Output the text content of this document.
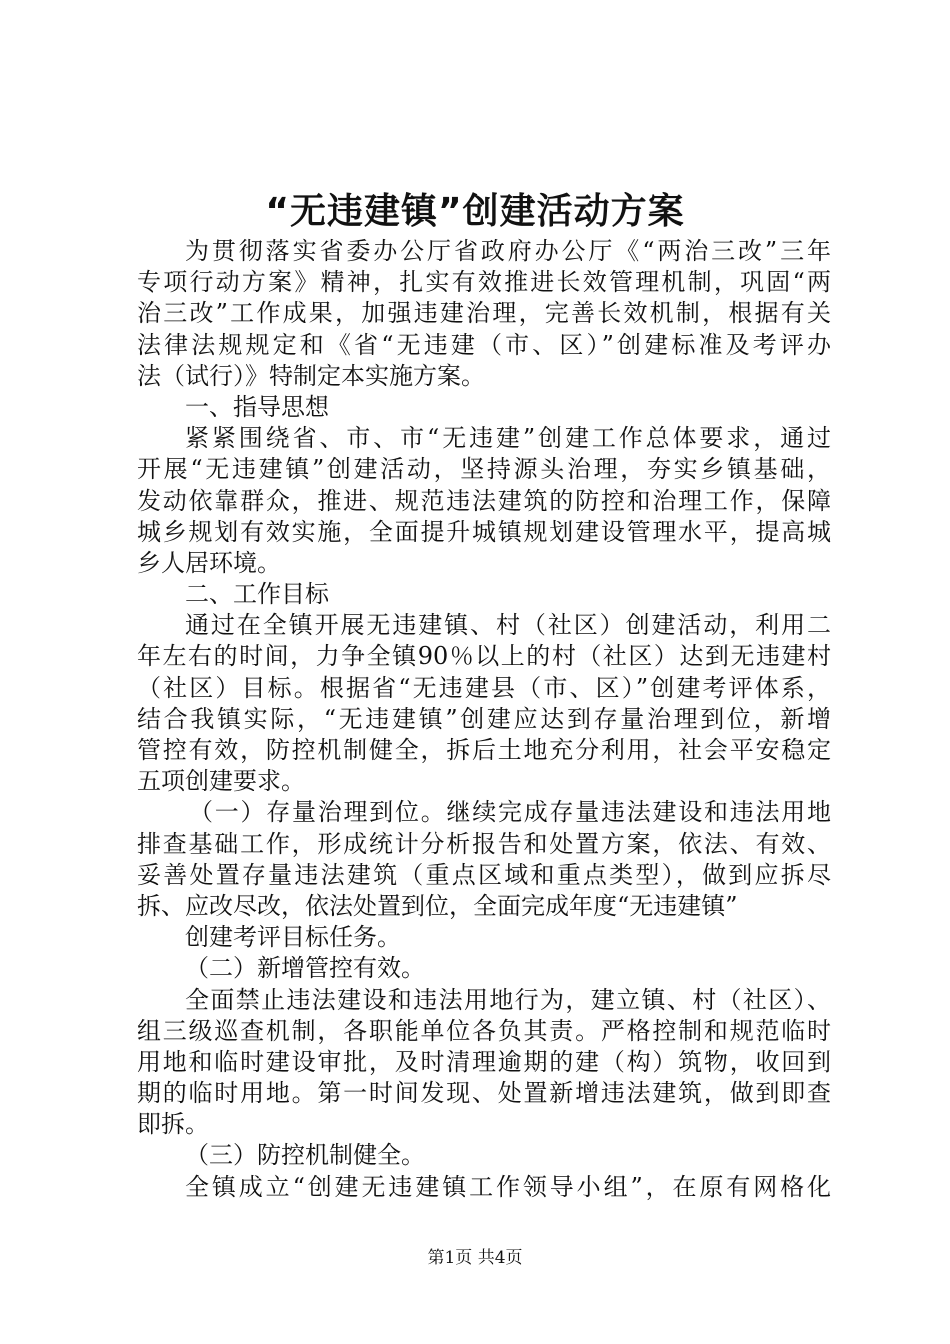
“无违建镇”创建活动方案
为贯彻落实省委办公厅省政府办公厅《“两治三改”三年
专项行动方案》精神，扎实有效推进长效管理机制，巩固“两
治三改”工作成果，加强违建治理，完善长效机制，根据有关
法律法规规定和《省“无违建（市、区）”创建标准及考评办
法（试行）》特制定本实施方案。
一、指导思想
紧紧围绕省、市、市“无违建”创建工作总体要求，通过
开展“无违建镇”创建活动，坚持源头治理，夯实乡镇基础，
发动依靠群众，推进、规范违法建筑的防控和治理工作，保障
城乡规划有效实施，全面提升城镇规划建设管理水平，提高城
乡人居环境。
二、工作目标
通过在全镇开展无违建镇、村（社区）创建活动，利用二
年左右的时间，力争全镇90％以上的村（社区）达到无违建村
（社区）目标。根据省“无违建县（市、区）”创建考评体系，
结合我镇实际，“无违建镇”创建应达到存量治理到位，新增
管控有效，防控机制健全，拆后土地充分利用，社会平安稳定
五项创建要求。
（一）存量治理到位。继续完成存量违法建设和违法用地
排查基础工作，形成统计分析报告和处置方案，依法、有效、
妥善处置存量违法建筑（重点区域和重点类型），做到应拆尽
拆、应改尽改，依法处置到位，全面完成年度“无违建镇”
创建考评目标任务。
（二）新增管控有效。
全面禁止违法建设和违法用地行为，建立镇、村（社区）、
组三级巡查机制，各职能单位各负其责。严格控制和规范临时
用地和临时建设审批，及时清理逾期的建（构）筑物，收回到
期的临时用地。第一时间发现、处置新增违法建筑，做到即查
即拆。
（三）防控机制健全。
全镇成立“创建无违建镇工作领导小组”，在原有网格化
第1页 共4页
